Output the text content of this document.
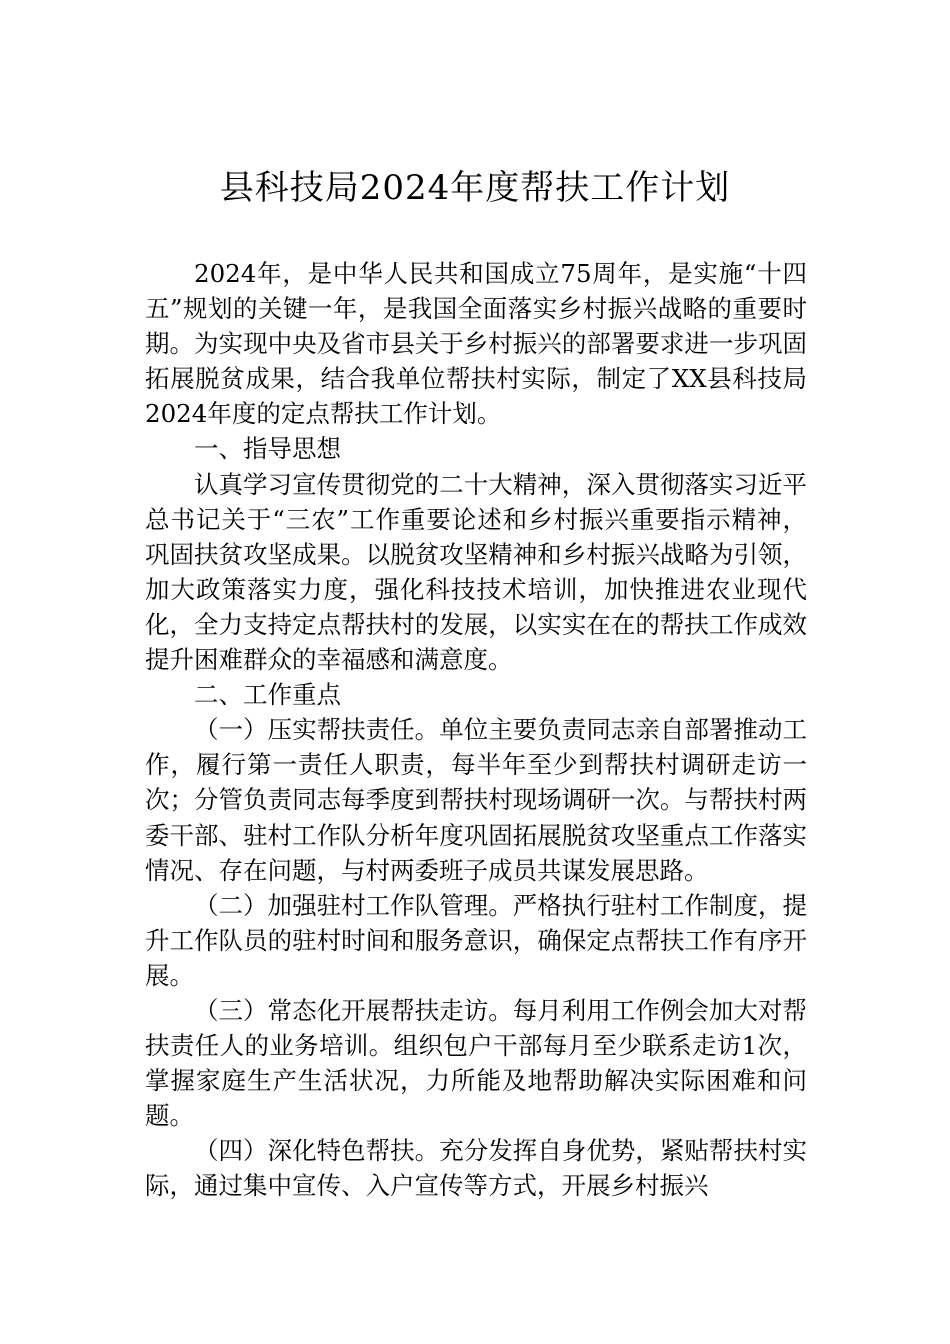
县科技局2024年度帮扶工作计划

2024年，是中华人民共和国成立75周年，是实施“十四五”规划的关键一年，是我国全面落实乡村振兴战略的重要时期。为实现中央及省市县关于乡村振兴的部署要求进一步巩固拓展脱贫成果，结合我单位帮扶村实际，制定了XX县科技局2024年度的定点帮扶工作计划。

一、指导思想

认真学习宣传贯彻党的二十大精神，深入贯彻落实习近平总书记关于“三农”工作重要论述和乡村振兴重要指示精神，巩固扶贫攻坚成果。以脱贫攻坚精神和乡村振兴战略为引领，加大政策落实力度，强化科技技术培训，加快推进农业现代化，全力支持定点帮扶村的发展，以实实在在的帮扶工作成效提升困难群众的幸福感和满意度。

二、工作重点

（一）压实帮扶责任。单位主要负责同志亲自部署推动工作，履行第一责任人职责，每半年至少到帮扶村调研走访一次；分管负责同志每季度到帮扶村现场调研一次。与帮扶村两委干部、驻村工作队分析年度巩固拓展脱贫攻坚重点工作落实情况、存在问题，与村两委班子成员共谋发展思路。

（二）加强驻村工作队管理。严格执行驻村工作制度，提升工作队员的驻村时间和服务意识，确保定点帮扶工作有序开展。

（三）常态化开展帮扶走访。每月利用工作例会加大对帮扶责任人的业务培训。组织包户干部每月至少联系走访1次，掌握家庭生产生活状况，力所能及地帮助解决实际困难和问题。

（四）深化特色帮扶。充分发挥自身优势，紧贴帮扶村实际，通过集中宣传、入户宣传等方式，开展乡村振兴
